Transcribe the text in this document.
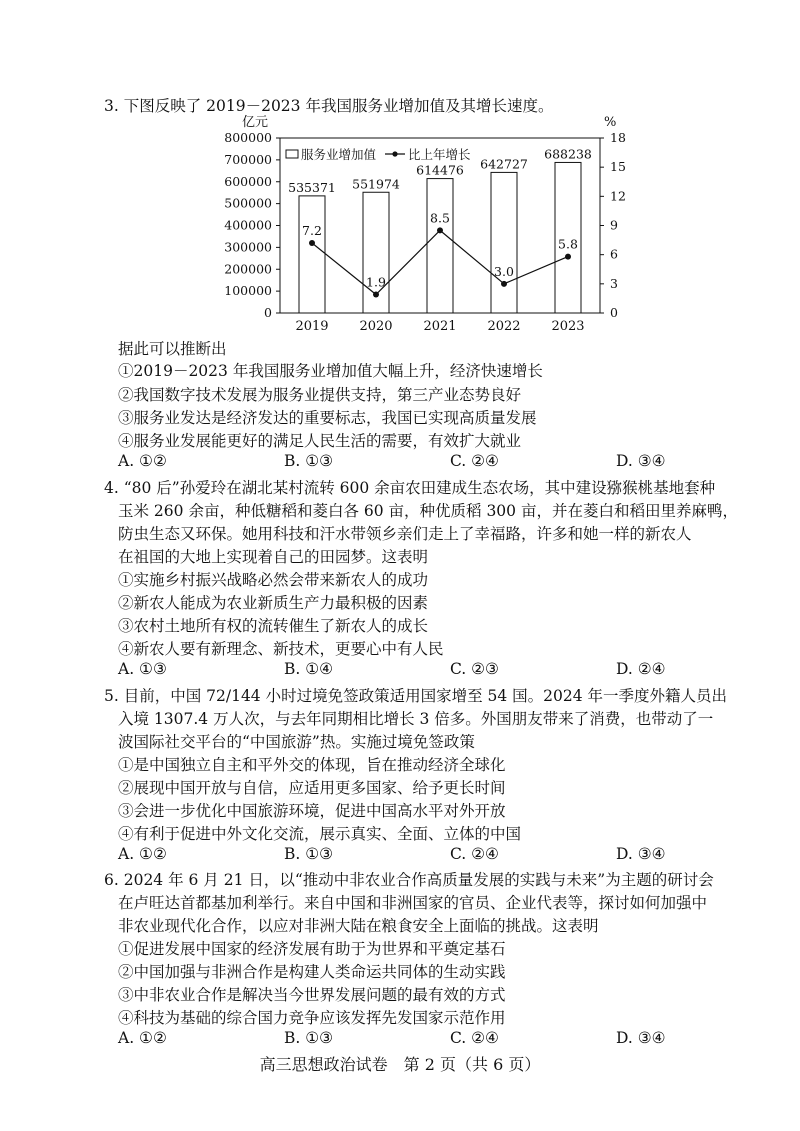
3. 下图反映了 2019－2023 年我国服务业增加值及其增长速度。
亿元	%
0
100000
200000
300000
400000
500000
600000
700000
800000
0
3
6
9
12
15
18
535371 551974
614476 642727
688238
7.2
1.9
8.5
3.0
5.8
2019 2020 2021 2022 2023
服务业增加值	比上年增长
据此可以推断出
①2019－2023 年我国服务业增加值大幅上升，经济快速增长
②我国数字技术发展为服务业提供支持，第三产业态势良好
③服务业发达是经济发达的重要标志，我国已实现高质量发展
④服务业发展能更好的满足人民生活的需要，有效扩大就业
A. ①②	B. ①③	C. ②④	D. ③④
4. “80 后”孙爱玲在湖北某村流转 600 余亩农田建成生态农场，其中建设猕猴桃基地套种
玉米 260 余亩，种低糖稻和菱白各 60 亩，种优质稻 300 亩，并在菱白和稻田里养麻鸭，
防虫生态又环保。她用科技和汗水带领乡亲们走上了幸福路，许多和她一样的新农人
在祖国的大地上实现着自己的田园梦。这表明
①实施乡村振兴战略必然会带来新农人的成功
②新农人能成为农业新质生产力最积极的因素
③农村土地所有权的流转催生了新农人的成长
④新农人要有新理念、新技术，更要心中有人民
A. ①③	B. ①④	C. ②③	D. ②④
5. 目前，中国 72/144 小时过境免签政策适用国家增至 54 国。2024 年一季度外籍人员出
入境 1307.4 万人次，与去年同期相比增长 3 倍多。外国朋友带来了消费，也带动了一
波国际社交平台的“中国旅游”热。实施过境免签政策
①是中国独立自主和平外交的体现，旨在推动经济全球化
②展现中国开放与自信，应适用更多国家、给予更长时间
③会进一步优化中国旅游环境，促进中国高水平对外开放
④有利于促进中外文化交流，展示真实、全面、立体的中国
A. ①②	B. ①③	C. ②④	D. ③④
6. 2024 年 6 月 21 日，以“推动中非农业合作高质量发展的实践与未来”为主题的研讨会
在卢旺达首都基加利举行。来自中国和非洲国家的官员、企业代表等，探讨如何加强中
非农业现代化合作，以应对非洲大陆在粮食安全上面临的挑战。这表明
①促进发展中国家的经济发展有助于为世界和平奠定基石
②中国加强与非洲合作是构建人类命运共同体的生动实践
③中非农业合作是解决当今世界发展问题的最有效的方式
④科技为基础的综合国力竞争应该发挥先发国家示范作用
A. ①②	B. ①③	C. ②④	D. ③④
高三思想政治试卷　第 2 页（共 6 页）
